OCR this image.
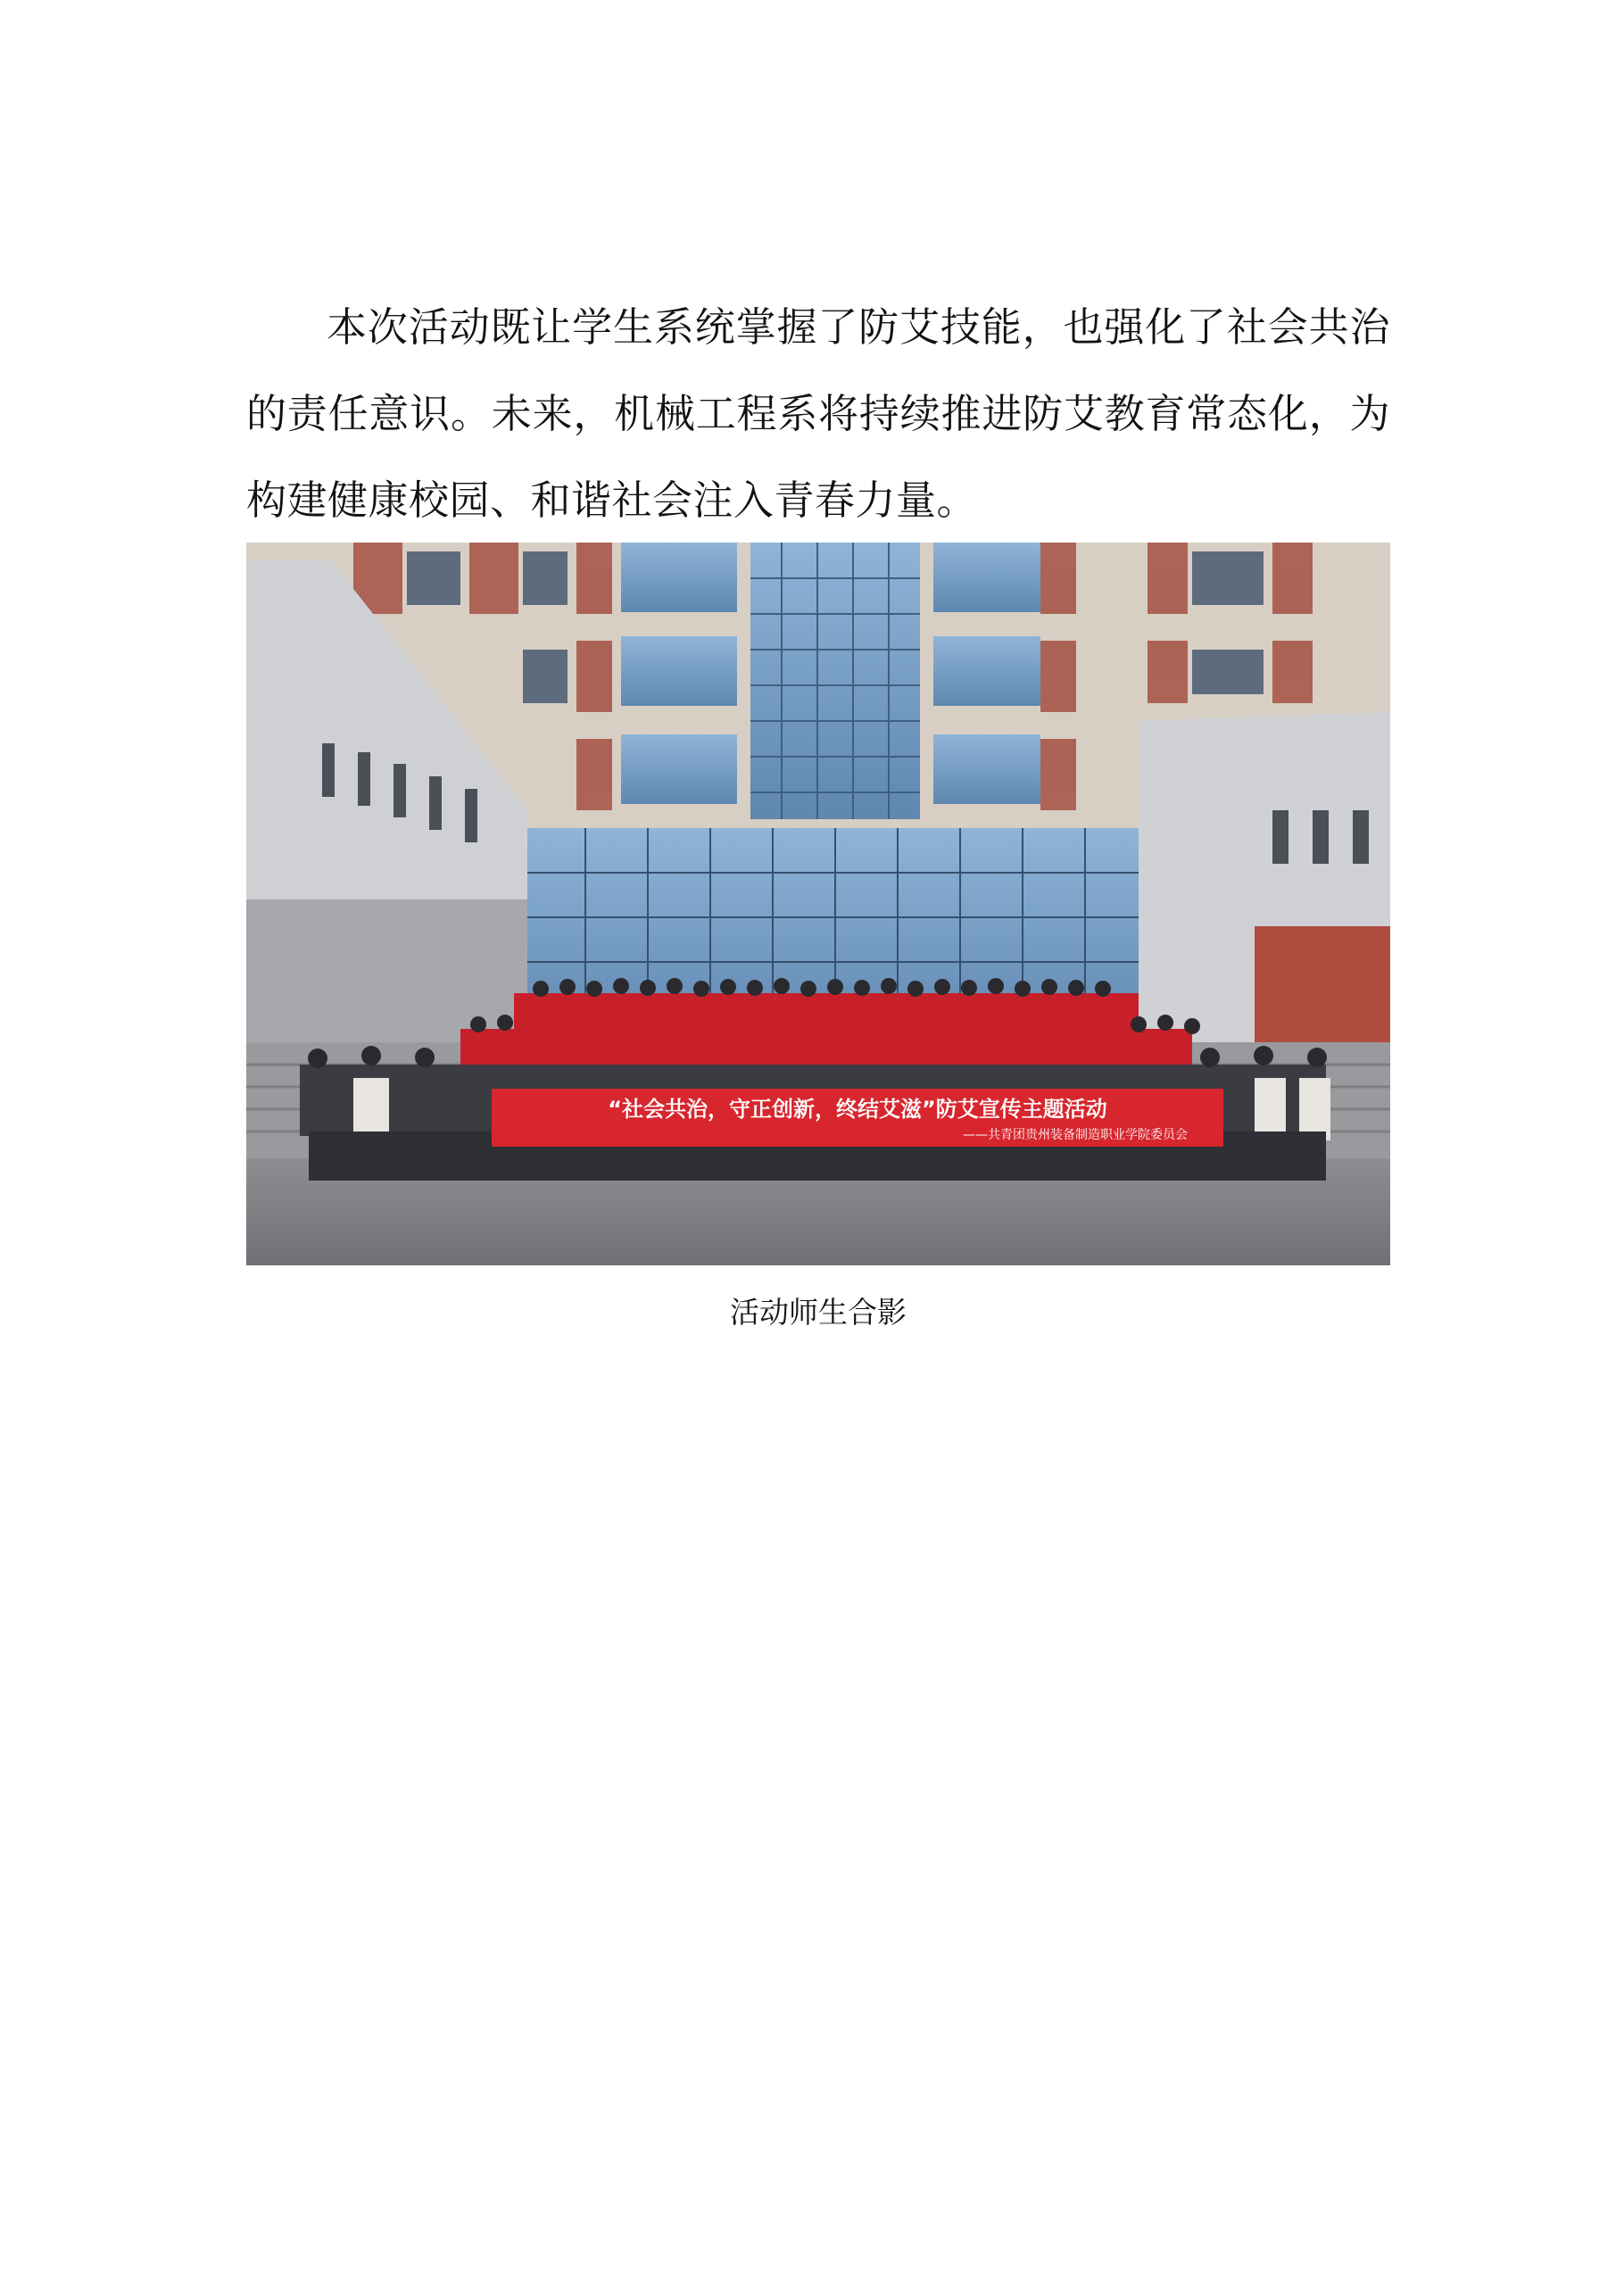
本次活动既让学生系统掌握了防艾技能，也强化了社会共治的责任意识。未来，机械工程系将持续推进防艾教育常态化，为构建健康校园、和谐社会注入青春力量。

“社会共治，守正创新，终结艾滋”防艾宣传主题活动
——共青团贵州装备制造职业学院委员会
活动师生合影
